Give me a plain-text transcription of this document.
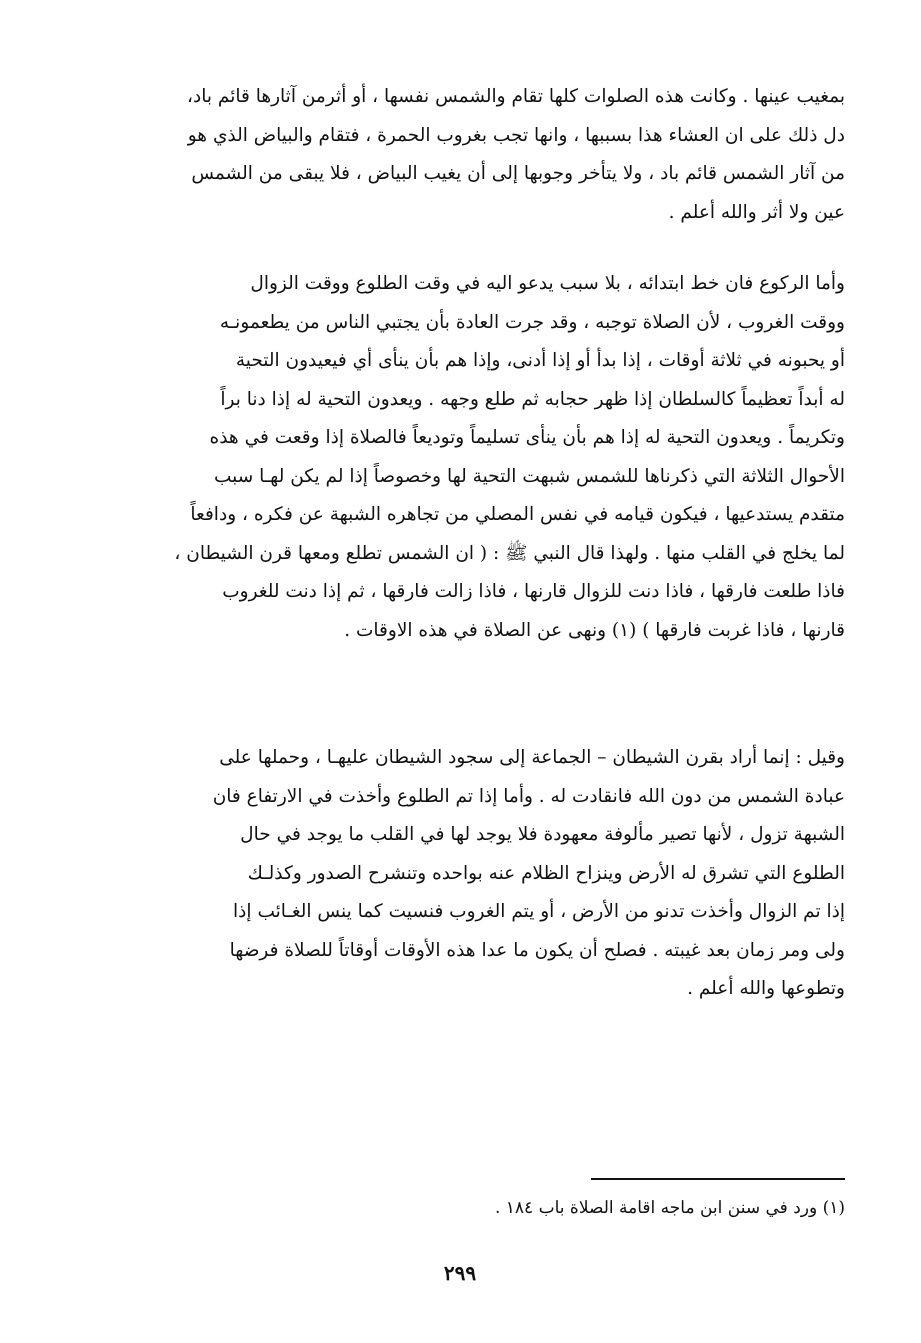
بمغيب عينها . وكانت هذه الصلوات كلها تقام والشمس نفسها ، أو أثرمن آثارها قائم باد،
دل ذلك على ان العشاء هذا بسببها ، وانها تجب بغروب الحمرة ، فتقام والبياض الذي هو
من آثار الشمس قائم باد ، ولا يتأخر وجوبها إلى أن يغيب البياض ، فلا يبقى من الشمس
عين ولا أثر والله أعلم .
وأما الركوع فان خط ابتدائه ، بلا سبب يدعو اليه في وقت الطلوع ووقت الزوال
ووقت الغروب ، لأن الصلاة توجبه ، وقد جرت العادة بأن يجتبي الناس من يطعمونـه
أو يحبونه في ثلاثة أوقات ، إذا بدأ أو إذا أدنى، وإذا هم بأن ينأى أي فيعيدون التحية
له أبداً تعظيماً كالسلطان إذا ظهر حجابه ثم طلع وجهه . ويعدون التحية له إذا دنا براً
وتكريماً . ويعدون التحية له إذا هم بأن ينأى تسليماً وتوديعاً فالصلاة إذا وقعت في هذه
الأحوال الثلاثة التي ذكرناها للشمس شبهت التحية لها وخصوصاً إذا لم يكن لهـا سبب
متقدم يستدعيها ، فيكون قيامه في نفس المصلي من تجاهره الشبهة عن فكره ، ودافعاً
لما يخلج في القلب منها . ولهذا قال النبي ﷺ : ( ان الشمس تطلع ومعها قرن الشيطان ،
فاذا طلعت فارقها ، فاذا دنت للزوال قارنها ، فاذا زالت فارقها ، ثم إذا دنت للغروب
قارنها ، فاذا غربت فارقها ) (١) ونهى عن الصلاة في هذه الاوقات .
وقيل : إنما أراد بقرن الشيطان – الجماعة إلى سجود الشيطان عليهـا ، وحملها على
عبادة الشمس من دون الله فانقادت له . وأما إذا تم الطلوع وأخذت في الارتفاع فان
الشبهة تزول ، لأنها تصير مألوفة معهودة فلا يوجد لها في القلب ما يوجد في حال
الطلوع التي تشرق له الأرض وينزاح الظلام عنه بواحده وتنشرح الصدور وكذلـك
إذا تم الزوال وأخذت تدنو من الأرض ، أو يتم الغروب فنسيت كما ينس الغـائب إذا
ولى ومر زمان بعد غيبته . فصلح أن يكون ما عدا هذه الأوقات أوقاتاً للصلاة فرضها
وتطوعها والله أعلم .
(١) ورد في سنن ابن ماجه اقامة الصلاة باب ١٨٤ .
٢٩٩
